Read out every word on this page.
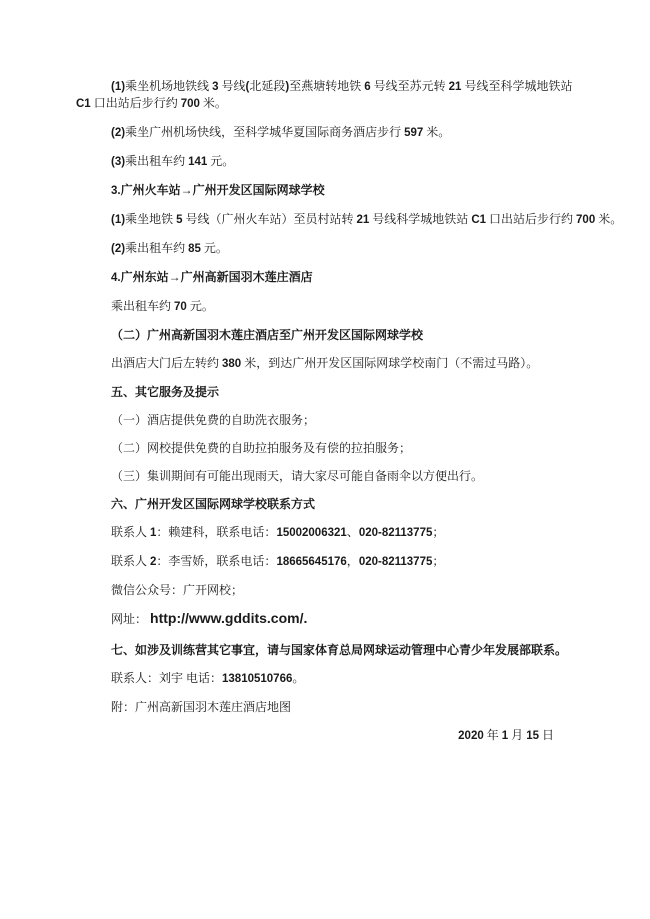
(1)乘坐机场地铁线 3 号线(北延段)至燕塘转地铁 6 号线至苏元转 21 号线至科学城地铁站 C1 口出站后步行约 700 米。

(2)乘坐广州机场快线，至科学城华夏国际商务酒店步行 597 米。

(3)乘出租车约 141 元。

3.广州火车站→广州开发区国际网球学校

(1)乘坐地铁 5 号线（广州火车站）至员村站转 21 号线科学城地铁站 C1 口出站后步行约 700 米。

(2)乘出租车约 85 元。

4.广州东站→广州高新国羽木莲庄酒店

乘出租车约 70 元。

（二）广州高新国羽木莲庄酒店至广州开发区国际网球学校

出酒店大门后左转约 380 米，到达广州开发区国际网球学校南门（不需过马路）。

五、其它服务及提示

（一）酒店提供免费的自助洗衣服务；

（二）网校提供免费的自助拉拍服务及有偿的拉拍服务；

（三）集训期间有可能出现雨天，请大家尽可能自备雨伞以方便出行。

六、广州开发区国际网球学校联系方式

联系人 1：赖建科，联系电话：15002006321、020-82113775；

联系人 2：李雪娇，联系电话：18665645176，020-82113775；

微信公众号：广开网校；

网址： http://www.gddits.com/.

七、如涉及训练营其它事宜，请与国家体育总局网球运动管理中心青少年发展部联系。

联系人：刘宇 电话：13810510766。

附：广州高新国羽木莲庄酒店地图

2020 年 1 月 15 日
